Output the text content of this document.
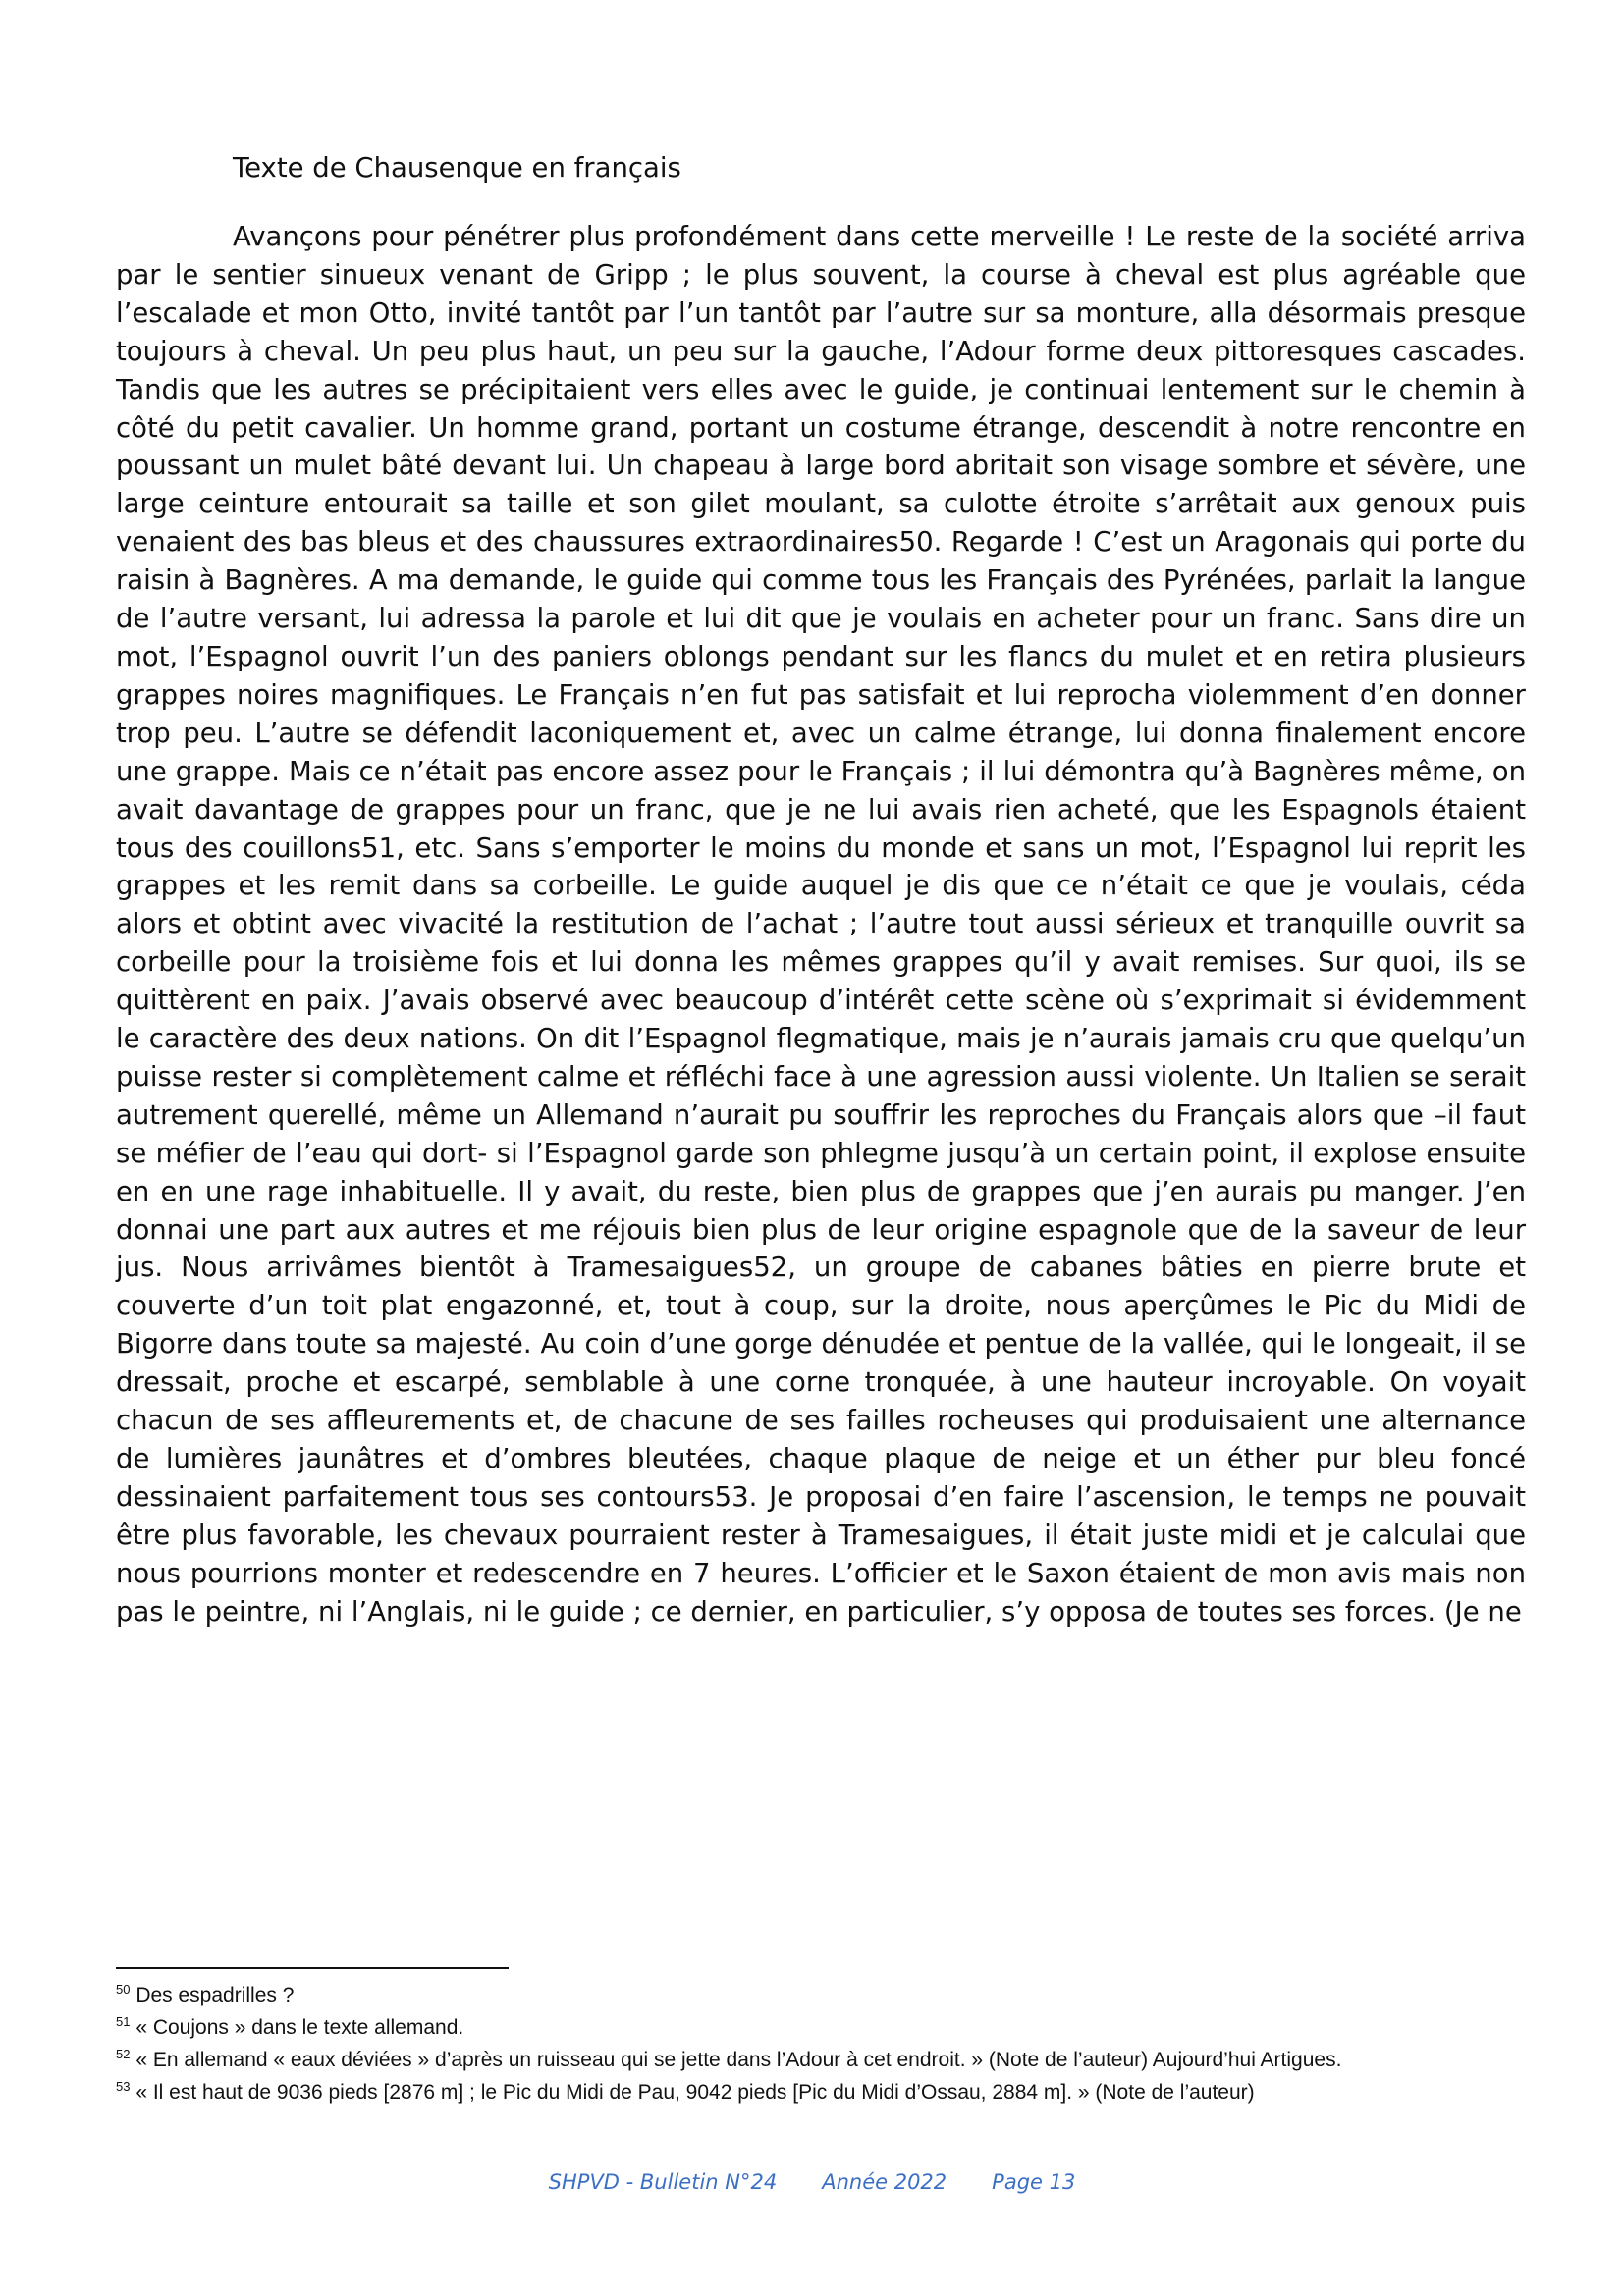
Texte de Chausenque en français

Avançons pour pénétrer plus profondément dans cette merveille ! Le reste de la société arriva par le sentier sinueux venant de Gripp ; le plus souvent, la course à cheval est plus agréable que l’escalade et mon Otto, invité tantôt par l’un tantôt par l’autre sur sa monture, alla désormais presque toujours à cheval. Un peu plus haut, un peu sur la gauche, l’Adour forme deux pittoresques cascades. Tandis que les autres se précipitaient vers elles avec le guide, je continuai lentement sur le chemin à côté du petit cavalier. Un homme grand, portant un costume étrange, descendit à notre rencontre en poussant un mulet bâté devant lui. Un chapeau à large bord abritait son visage sombre et sévère, une large ceinture entourait sa taille et son gilet moulant, sa culotte étroite s’arrêtait aux genoux puis venaient des bas bleus et des chaussures extraordinaires50. Regarde ! C’est un Aragonais qui porte du raisin à Bagnères. A ma demande, le guide qui comme tous les Français des Pyrénées, parlait la langue de l’autre versant, lui adressa la parole et lui dit que je voulais en acheter pour un franc. Sans dire un mot, l’Espagnol ouvrit l’un des paniers oblongs pendant sur les flancs du mulet et en retira plusieurs grappes noires magnifiques. Le Français n’en fut pas satisfait et lui reprocha violemment d’en donner trop peu. L’autre se défendit laconiquement et, avec un calme étrange, lui donna finalement encore une grappe. Mais ce n’était pas encore assez pour le Français ; il lui démontra qu’à Bagnères même, on avait davantage de grappes pour un franc, que je ne lui avais rien acheté, que les Espagnols étaient tous des couillons51, etc. Sans s’emporter le moins du monde et sans un mot, l’Espagnol lui reprit les grappes et les remit dans sa corbeille. Le guide auquel je dis que ce n’était ce que je voulais, céda alors et obtint avec vivacité la restitution de l’achat ; l’autre tout aussi sérieux et tranquille ouvrit sa corbeille pour la troisième fois et lui donna les mêmes grappes qu’il y avait remises. Sur quoi, ils se quittèrent en paix. J’avais observé avec beaucoup d’intérêt cette scène où s’exprimait si évidemment le caractère des deux nations. On dit l’Espagnol flegmatique, mais je n’aurais jamais cru que quelqu’un puisse rester si complètement calme et réfléchi face à une agression aussi violente. Un Italien se serait autrement querellé, même un Allemand n’aurait pu souffrir les reproches du Français alors que –il faut se méfier de l’eau qui dort- si l’Espagnol garde son phlegme jusqu’à un certain point, il explose ensuite en en une rage inhabituelle. Il y avait, du reste, bien plus de grappes que j’en aurais pu manger. J’en donnai une part aux autres et me réjouis bien plus de leur origine espagnole que de la saveur de leur jus. Nous arrivâmes bientôt à Tramesaigues52, un groupe de cabanes bâties en pierre brute et couverte d’un toit plat engazonné, et, tout à coup, sur la droite, nous aperçûmes le Pic du Midi de Bigorre dans toute sa majesté. Au coin d’une gorge dénudée et pentue de la vallée, qui le longeait, il se dressait, proche et escarpé, semblable à une corne tronquée, à une hauteur incroyable. On voyait chacun de ses affleurements et, de chacune de ses failles rocheuses qui produisaient une alternance de lumières jaunâtres et d’ombres bleutées, chaque plaque de neige et un éther pur bleu foncé dessinaient parfaitement tous ses contours53. Je proposai d’en faire l’ascension, le temps ne pouvait être plus favorable, les chevaux pourraient rester à Tramesaigues, il était juste midi et je calculai que nous pourrions monter et redescendre en 7 heures. L’officier et le Saxon étaient de mon avis mais non pas le peintre, ni l’Anglais, ni le guide ; ce dernier, en particulier, s’y opposa de toutes ses forces. (Je ne

$^{50}$ Des espadrilles ?
$^{51}$ « Coujons » dans le texte allemand.
$^{52}$ « En allemand « eaux déviées » d’après un ruisseau qui se jette dans l’Adour à cet endroit. » (Note de l’auteur) Aujourd’hui Artigues.
$^{53}$ « Il est haut de 9036 pieds [2876 m] ; le Pic du Midi de Pau, 9042 pieds [Pic du Midi d’Ossau, 2884 m]. » (Note de l’auteur)
SHPVD - Bulletin N°24 Année 2022 Page 13
